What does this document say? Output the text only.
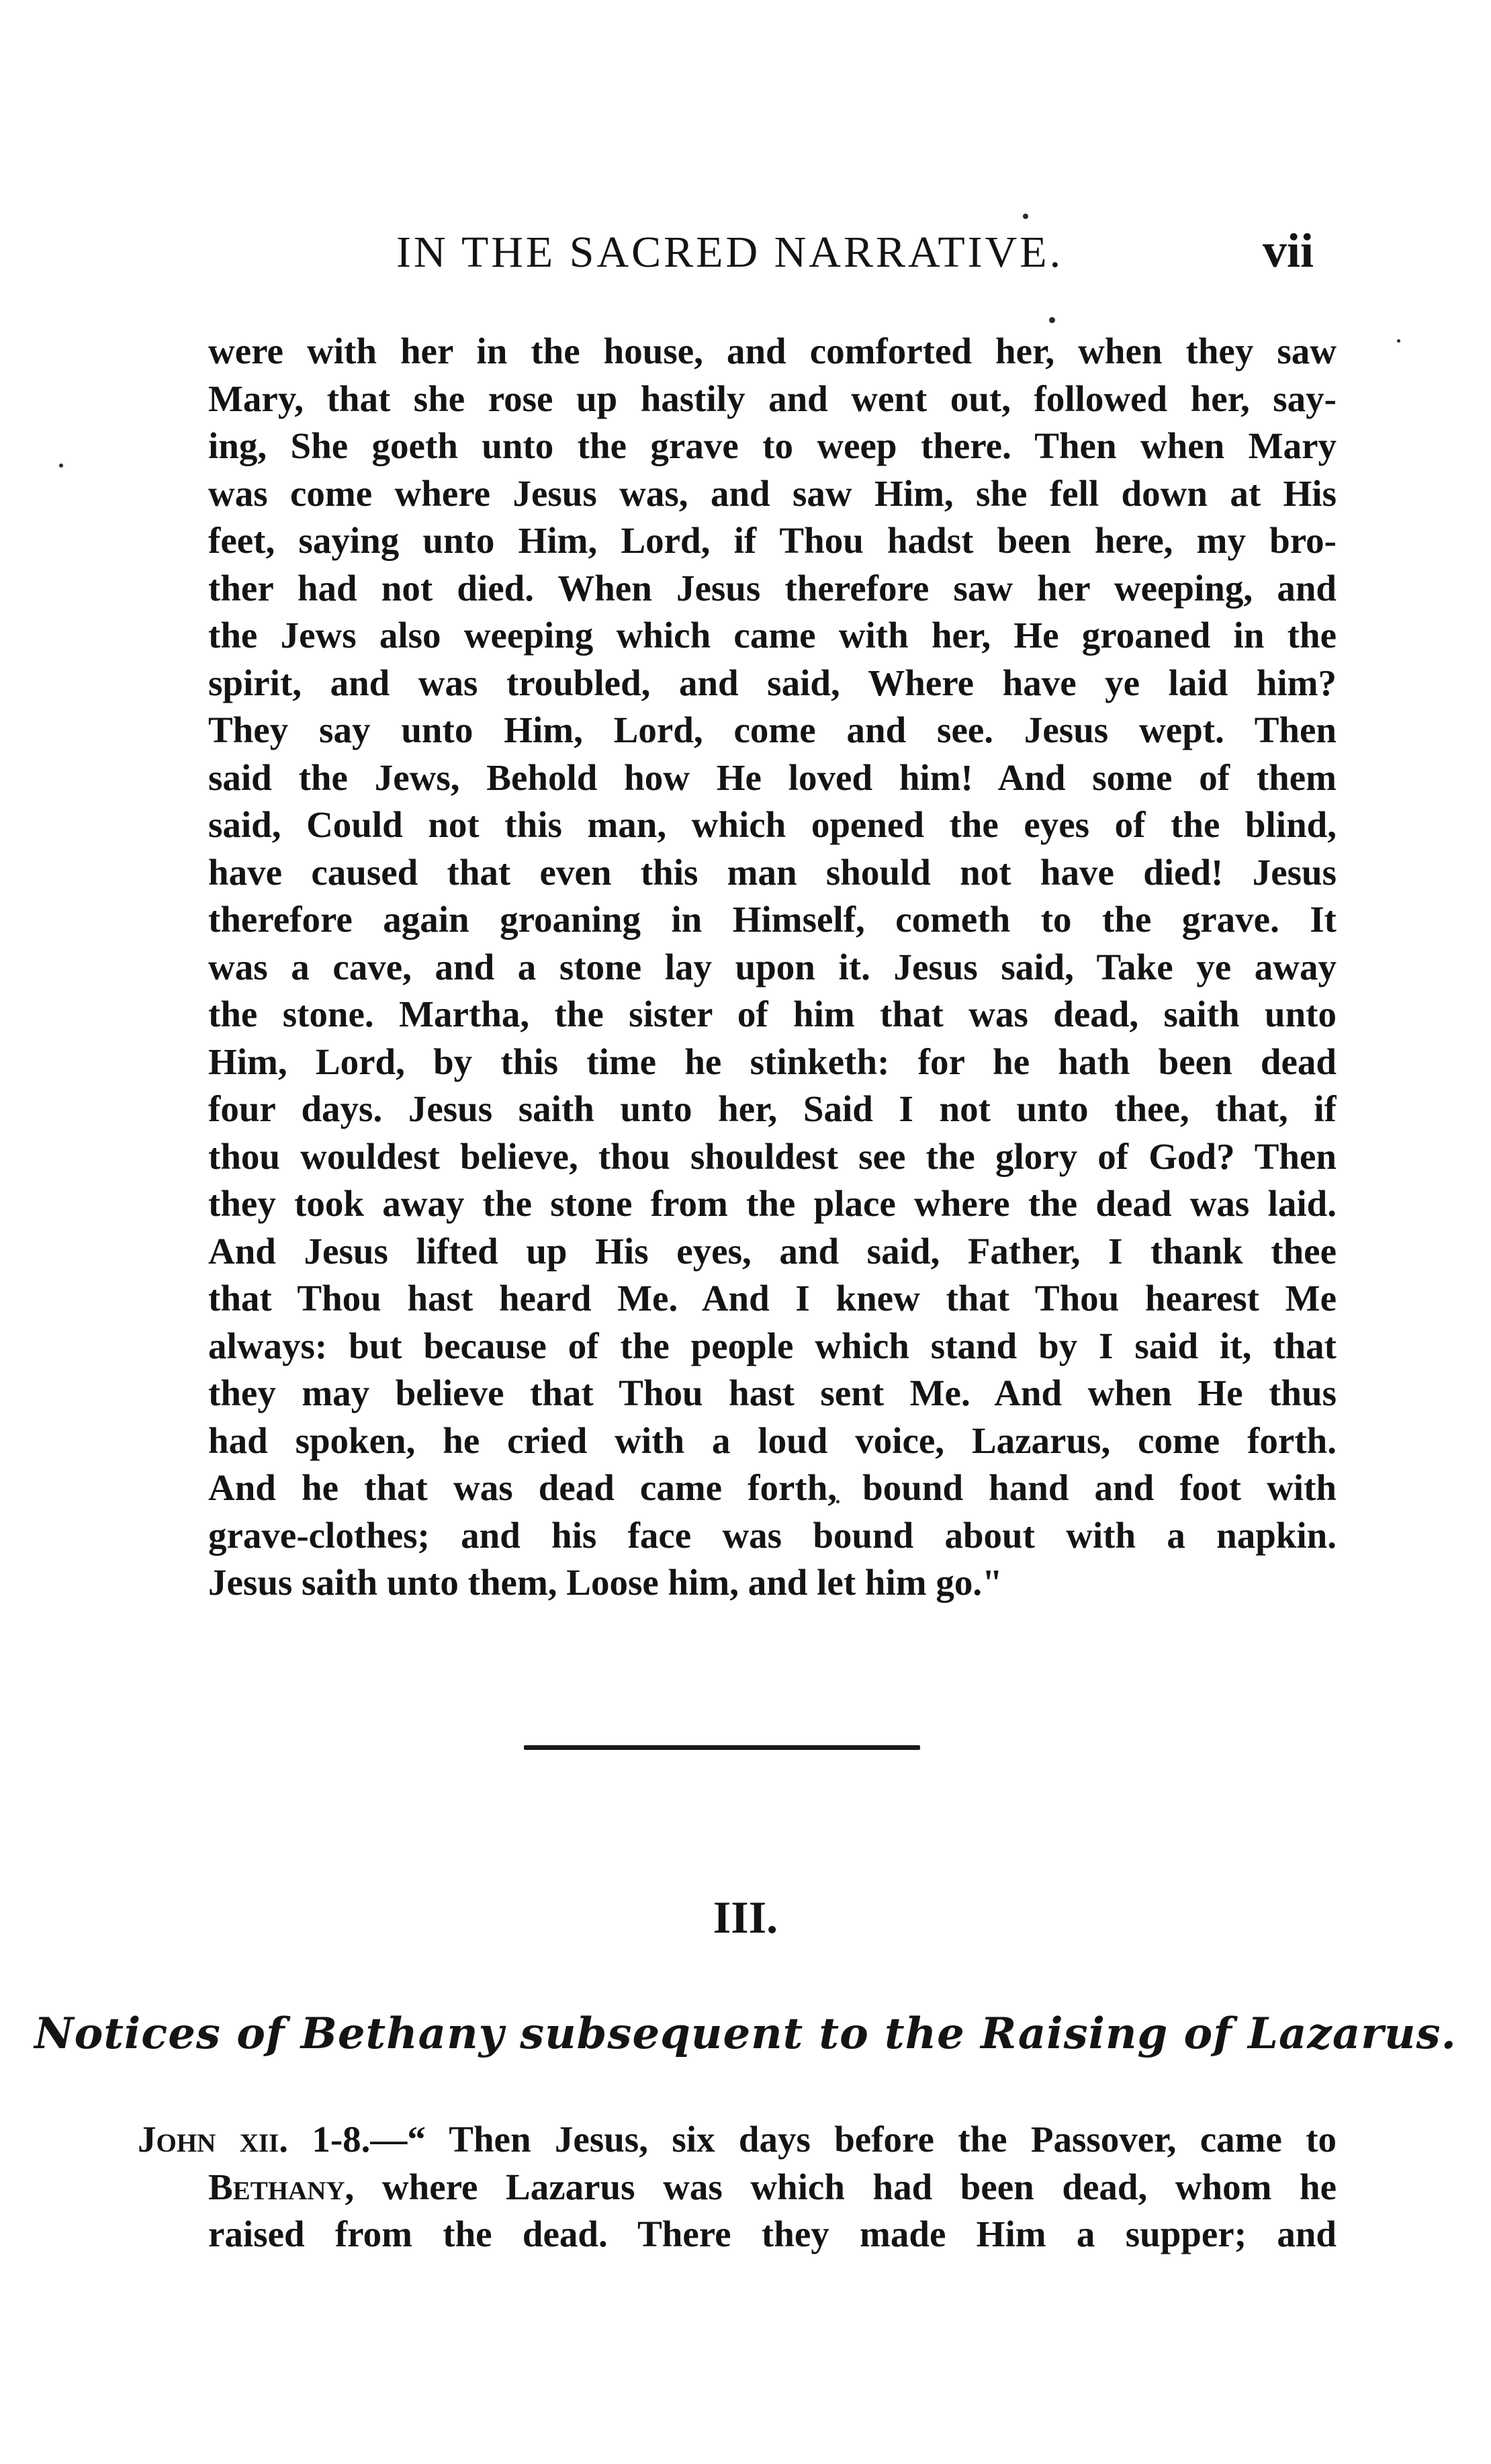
IN THE SACRED NARRATIVE.	vii
were with her in the house, and comforted her, when they saw
Mary, that she rose up hastily and went out, followed her, say-
ing, She goeth unto the grave to weep there. Then when Mary
was come where Jesus was, and saw Him, she fell down at His
feet, saying unto Him, Lord, if Thou hadst been here, my bro-
ther had not died. When Jesus therefore saw her weeping, and
the Jews also weeping which came with her, He groaned in the
spirit, and was troubled, and said, Where have ye laid him?
They say unto Him, Lord, come and see. Jesus wept. Then
said the Jews, Behold how He loved him! And some of them
said, Could not this man, which opened the eyes of the blind,
have caused that even this man should not have died! Jesus
therefore again groaning in Himself, cometh to the grave. It
was a cave, and a stone lay upon it. Jesus said, Take ye away
the stone. Martha, the sister of him that was dead, saith unto
Him, Lord, by this time he stinketh: for he hath been dead
four days. Jesus saith unto her, Said I not unto thee, that, if
thou wouldest believe, thou shouldest see the glory of God? Then
they took away the stone from the place where the dead was laid.
And Jesus lifted up His eyes, and said, Father, I thank thee
that Thou hast heard Me. And I knew that Thou hearest Me
always: but because of the people which stand by I said it, that
they may believe that Thou hast sent Me. And when He thus
had spoken, he cried with a loud voice, Lazarus, come forth.
And he that was dead came forth, bound hand and foot with
grave-clothes; and his face was bound about with a napkin.
Jesus saith unto them, Loose him, and let him go."
III.
Notices of Bethany subsequent to the Raising of Lazarus.
John xii. 1-8.—“ Then Jesus, six days before the Passover, came to
Bethany, where Lazarus was which had been dead, whom he
raised from the dead. There they made Him a supper; and
